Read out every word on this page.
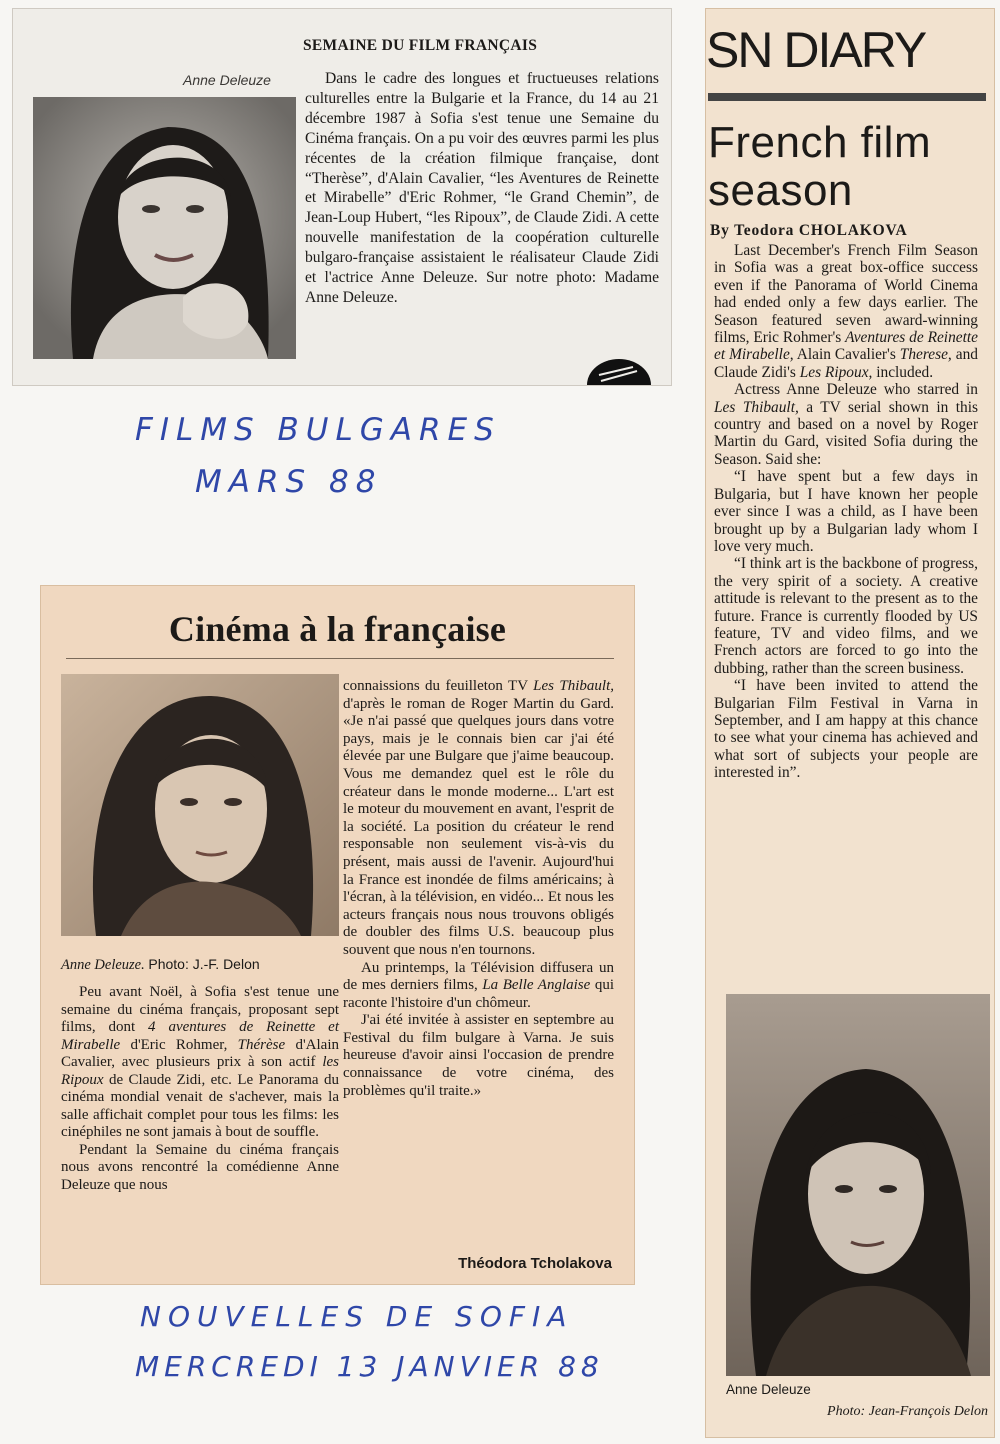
Anne Deleuze
SEMAINE DU FILM FRANÇAIS

Dans le cadre des longues et fructueuses relations culturelles entre la Bulgarie et la France, du 14 au 21 décembre 1987 à Sofia s'est tenue une Semaine du Cinéma français. On a pu voir des œuvres parmi les plus récentes de la création filmique française, dont “Therèse”, d'Alain Cavalier, “les Aventures de Reinette et Mirabelle” d'Eric Rohmer, “le Grand Chemin”, de Jean-Loup Hubert, “les Ripoux”, de Claude Zidi. A cette nouvelle manifestation de la coopération culturelle bulgaro-française assistaient le réalisateur Claude Zidi et l'actrice Anne Deleuze. Sur notre photo: Madame Anne Deleuze.

FILMS BULGARES
MARS 88
NOUVELLES DE SOFIA
MERCREDI 13 JANVIER 88
Cinéma à la française
Anne Deleuze. Photo: J.-F. Delon

Peu avant Noël, à Sofia s'est tenue une semaine du cinéma français, proposant sept films, dont 4 aventures de Reinette et Mirabelle d'Eric Rohmer, Thérèse d'Alain Cavalier, avec plusieurs prix à son actif les Ripoux de Claude Zidi, etc. Le Panorama du cinéma mondial venait de s'achever, mais la salle affichait complet pour tous les films: les cinéphiles ne sont jamais à bout de souffle.

Pendant la Semaine du cinéma français nous avons rencontré la comédienne Anne Deleuze que nous

connaissions du feuilleton TV Les Thibault, d'après le roman de Roger Martin du Gard. «Je n'ai passé que quelques jours dans votre pays, mais je le connais bien car j'ai été élevée par une Bulgare que j'aime beaucoup. Vous me demandez quel est le rôle du créateur dans le monde moderne... L'art est le moteur du mouvement en avant, l'esprit de la société. La position du créateur le rend responsable non seulement vis-à-vis du présent, mais aussi de l'avenir. Aujourd'hui la France est inondée de films américains; à l'écran, à la télévision, en vidéo... Et nous les acteurs français nous nous trouvons obligés de doubler des films U.S. beaucoup plus souvent que nous n'en tournons.

Au printemps, la Télévision diffusera un de mes derniers films, La Belle Anglaise qui raconte l'histoire d'un chômeur.

J'ai été invitée à assister en septembre au Festival du film bulgare à Varna. Je suis heureuse d'avoir ainsi l'occasion de prendre connaissance de votre cinéma, des problèmes qu'il traite.»

Théodora Tcholakova
SN DIARY
French film
season
By Teodora CHOLAKOVA

Last December's French Film Season in Sofia was a great box-office success even if the Panorama of World Cinema had ended only a few days earlier. The Season featured seven award-winning films, Eric Rohmer's Aventures de Reinette et Mirabelle, Alain Cavalier's Therese, and Claude Zidi's Les Ripoux, included.

Actress Anne Deleuze who starred in Les Thibault, a TV serial shown in this country and based on a novel by Roger Martin du Gard, visited Sofia during the Season. Said she:

“I have spent but a few days in Bulgaria, but I have known her people ever since I was a child, as I have been brought up by a Bulgarian lady whom I love very much.

“I think art is the backbone of progress, the very spirit of a society. A creative attitude is relevant to the present as to the future. France is currently flooded by US feature, TV and video films, and we French actors are forced to go into the dubbing, rather than the screen business.

“I have been invited to attend the Bulgarian Film Festival in Varna in September, and I am happy at this chance to see what your cinema has achieved and what sort of subjects your people are interested in”.

Anne Deleuze
Photo: Jean-François Delon
